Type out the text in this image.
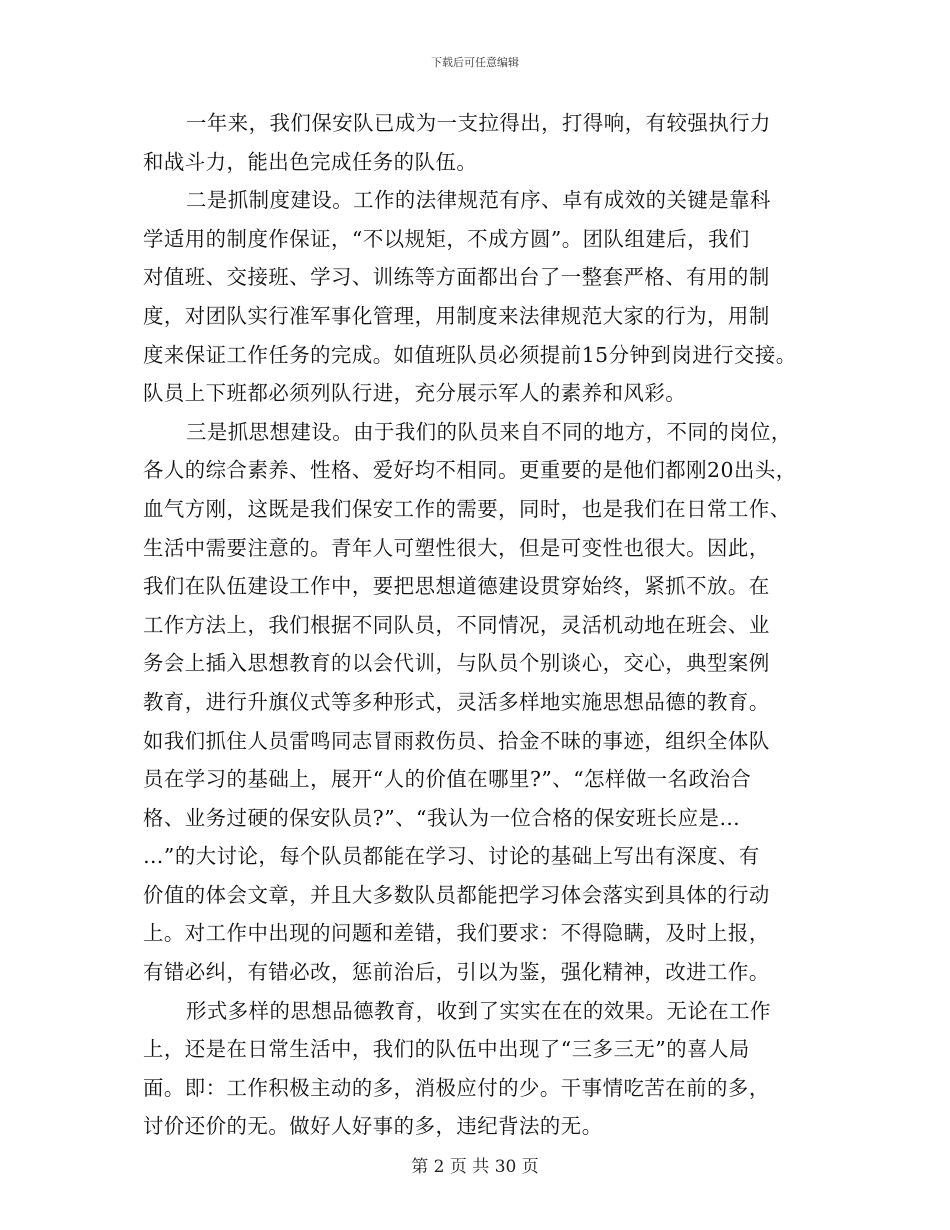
下载后可任意编辑
一年来，我们保安队已成为一支拉得出，打得响，有较强执行力
和战斗力，能出色完成任务的队伍。
二是抓制度建设。工作的法律规范有序、卓有成效的关键是靠科
学适用的制度作保证，“不以规矩，不成方圆”。团队组建后，我们
对值班、交接班、学习、训练等方面都出台了一整套严格、有用的制
度，对团队实行准军事化管理，用制度来法律规范大家的行为，用制
度来保证工作任务的完成。如值班队员必须提前15分钟到岗进行交接。
队员上下班都必须列队行进，充分展示军人的素养和风彩。
三是抓思想建设。由于我们的队员来自不同的地方，不同的岗位，
各人的综合素养、性格、爱好均不相同。更重要的是他们都刚20出头，
血气方刚，这既是我们保安工作的需要，同时，也是我们在日常工作、
生活中需要注意的。青年人可塑性很大，但是可变性也很大。因此，
我们在队伍建设工作中，要把思想道德建设贯穿始终，紧抓不放。在
工作方法上，我们根据不同队员，不同情况，灵活机动地在班会、业
务会上插入思想教育的以会代训，与队员个别谈心，交心，典型案例
教育，进行升旗仪式等多种形式，灵活多样地实施思想品德的教育。
如我们抓住人员雷鸣同志冒雨救伤员、拾金不昧的事迹，组织全体队
员在学习的基础上，展开“人的价值在哪里?”、“怎样做一名政治合
格、业务过硬的保安队员?”、“我认为一位合格的保安班长应是…
…”的大讨论，每个队员都能在学习、讨论的基础上写出有深度、有
价值的体会文章，并且大多数队员都能把学习体会落实到具体的行动
上。对工作中出现的问题和差错，我们要求：不得隐瞒，及时上报，
有错必纠，有错必改，惩前治后，引以为鉴，强化精神，改进工作。
形式多样的思想品德教育，收到了实实在在的效果。无论在工作
上，还是在日常生活中，我们的队伍中出现了“三多三无”的喜人局
面。即：工作积极主动的多，消极应付的少。干事情吃苦在前的多，
讨价还价的无。做好人好事的多，违纪背法的无。
第 2 页 共 30 页
